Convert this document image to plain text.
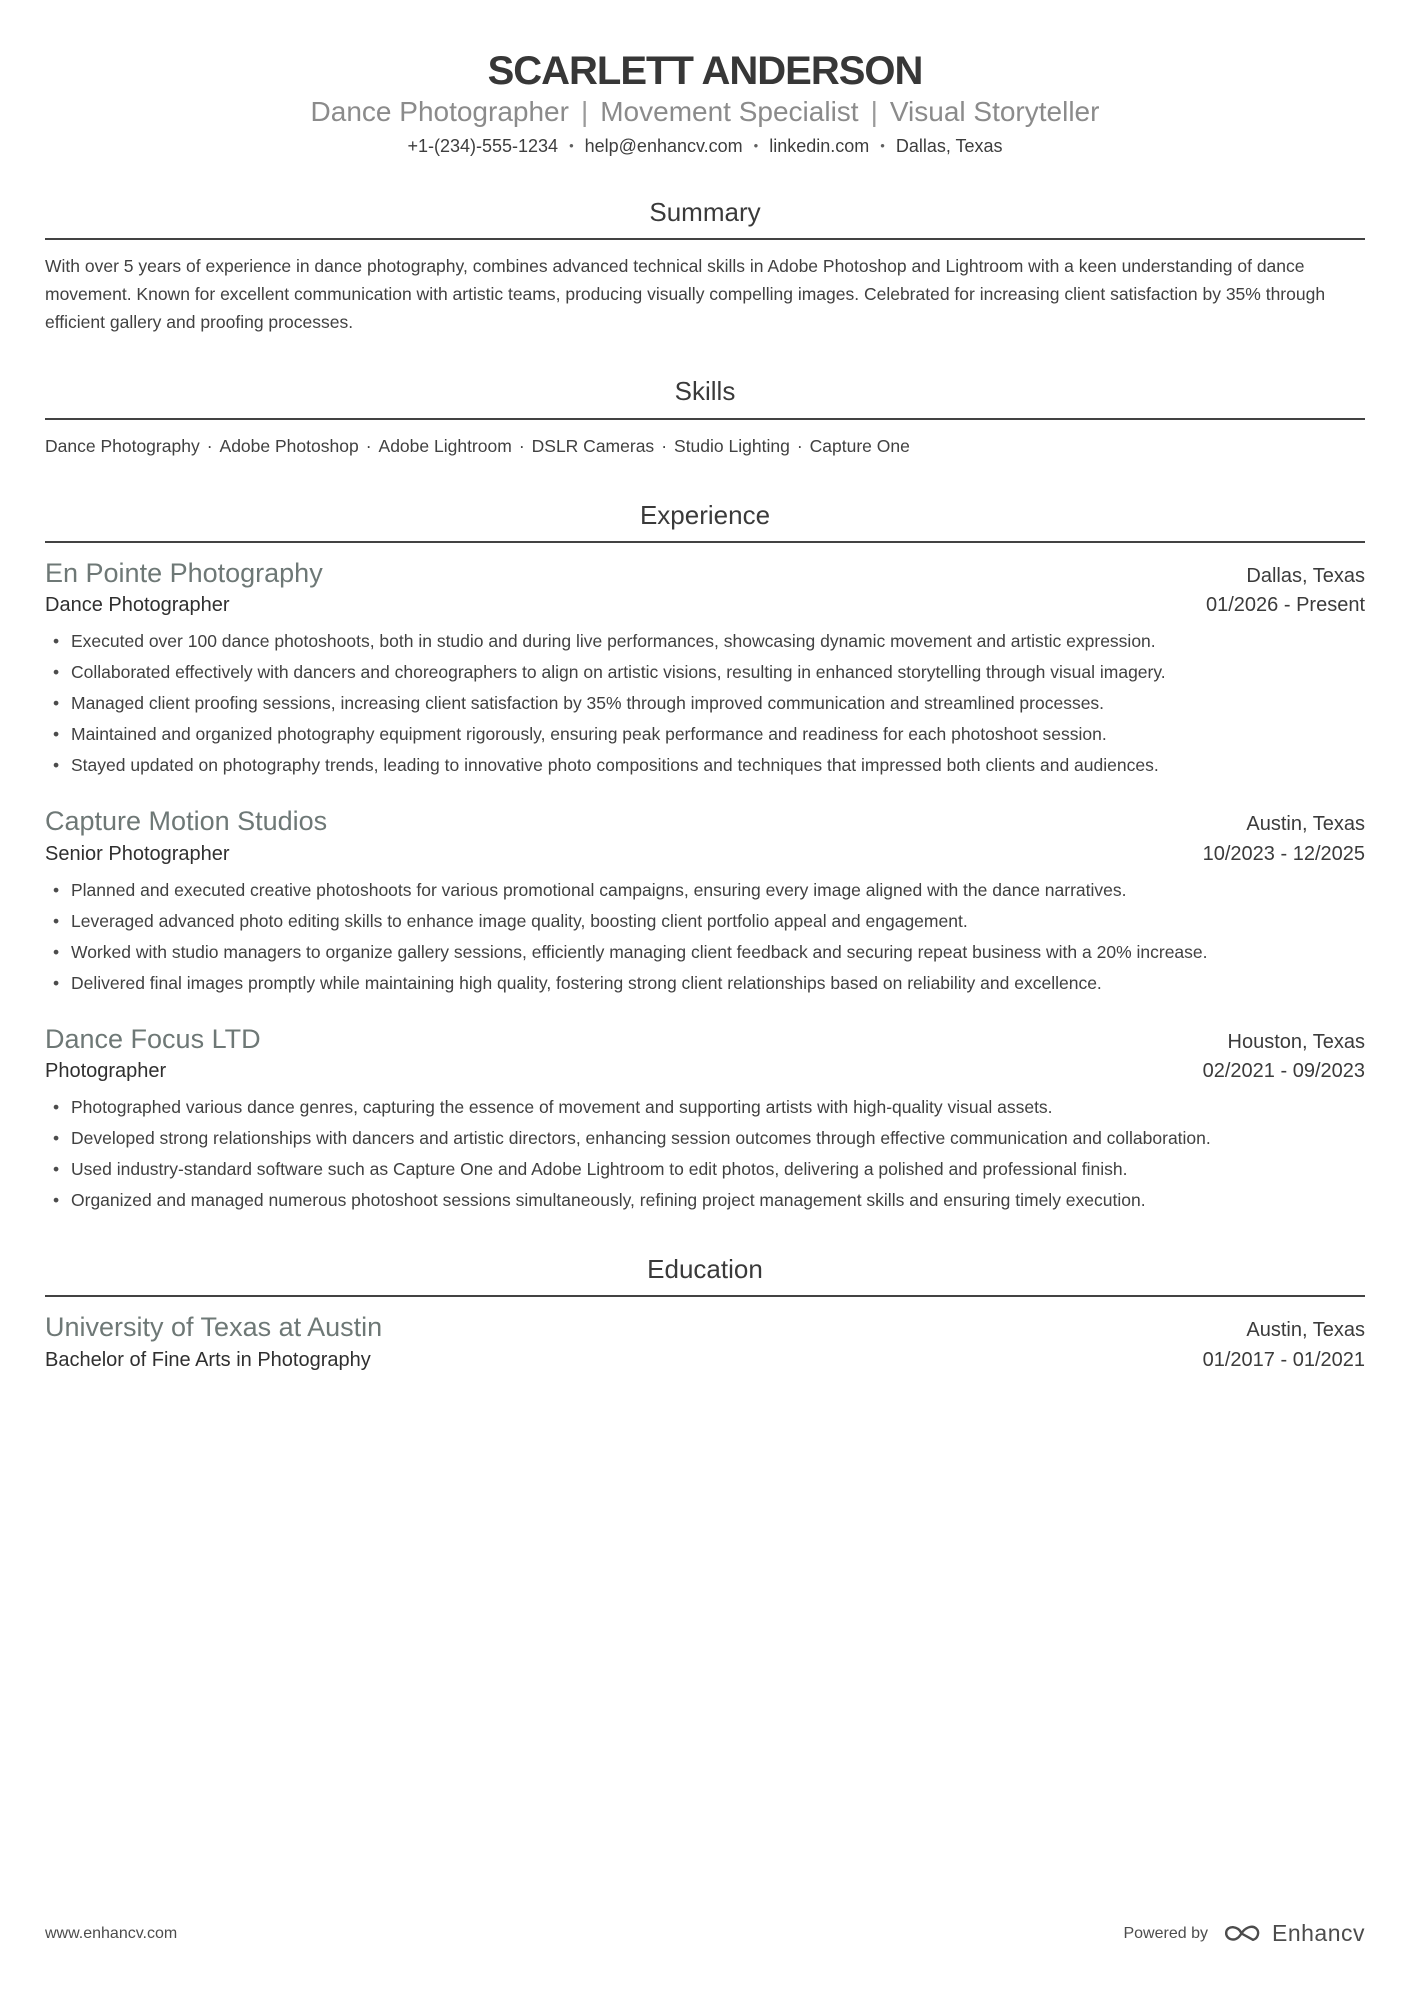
SCARLETT ANDERSON
Dance Photographer | Movement Specialist | Visual Storyteller
+1-(234)-555-1234 • help@enhancv.com • linkedin.com • Dallas, Texas
Summary

With over 5 years of experience in dance photography, combines advanced technical skills in Adobe Photoshop and Lightroom with a keen understanding of dance movement. Known for excellent communication with artistic teams, producing visually compelling images. Celebrated for increasing client satisfaction by 35% through efficient gallery and proofing processes.

Skills
Dance Photography · Adobe Photoshop · Adobe Lightroom · DSLR Cameras · Studio Lighting · Capture One
Experience
En Pointe Photography	Dallas, Texas
Dance Photographer	01/2026 - Present
• Executed over 100 dance photoshoots, both in studio and during live performances, showcasing dynamic movement and artistic expression.
• Collaborated effectively with dancers and choreographers to align on artistic visions, resulting in enhanced storytelling through visual imagery.
• Managed client proofing sessions, increasing client satisfaction by 35% through improved communication and streamlined processes.
• Maintained and organized photography equipment rigorously, ensuring peak performance and readiness for each photoshoot session.
• Stayed updated on photography trends, leading to innovative photo compositions and techniques that impressed both clients and audiences.
Capture Motion Studios	Austin, Texas
Senior Photographer	10/2023 - 12/2025
• Planned and executed creative photoshoots for various promotional campaigns, ensuring every image aligned with the dance narratives.
• Leveraged advanced photo editing skills to enhance image quality, boosting client portfolio appeal and engagement.
• Worked with studio managers to organize gallery sessions, efficiently managing client feedback and securing repeat business with a 20% increase.
• Delivered final images promptly while maintaining high quality, fostering strong client relationships based on reliability and excellence.
Dance Focus LTD	Houston, Texas
Photographer	02/2021 - 09/2023
• Photographed various dance genres, capturing the essence of movement and supporting artists with high-quality visual assets.
• Developed strong relationships with dancers and artistic directors, enhancing session outcomes through effective communication and collaboration.
• Used industry-standard software such as Capture One and Adobe Lightroom to edit photos, delivering a polished and professional finish.
• Organized and managed numerous photoshoot sessions simultaneously, refining project management skills and ensuring timely execution.
Education
University of Texas at Austin	Austin, Texas
Bachelor of Fine Arts in Photography	01/2017 - 01/2021
www.enhancv.com	Powered by	Enhancv
